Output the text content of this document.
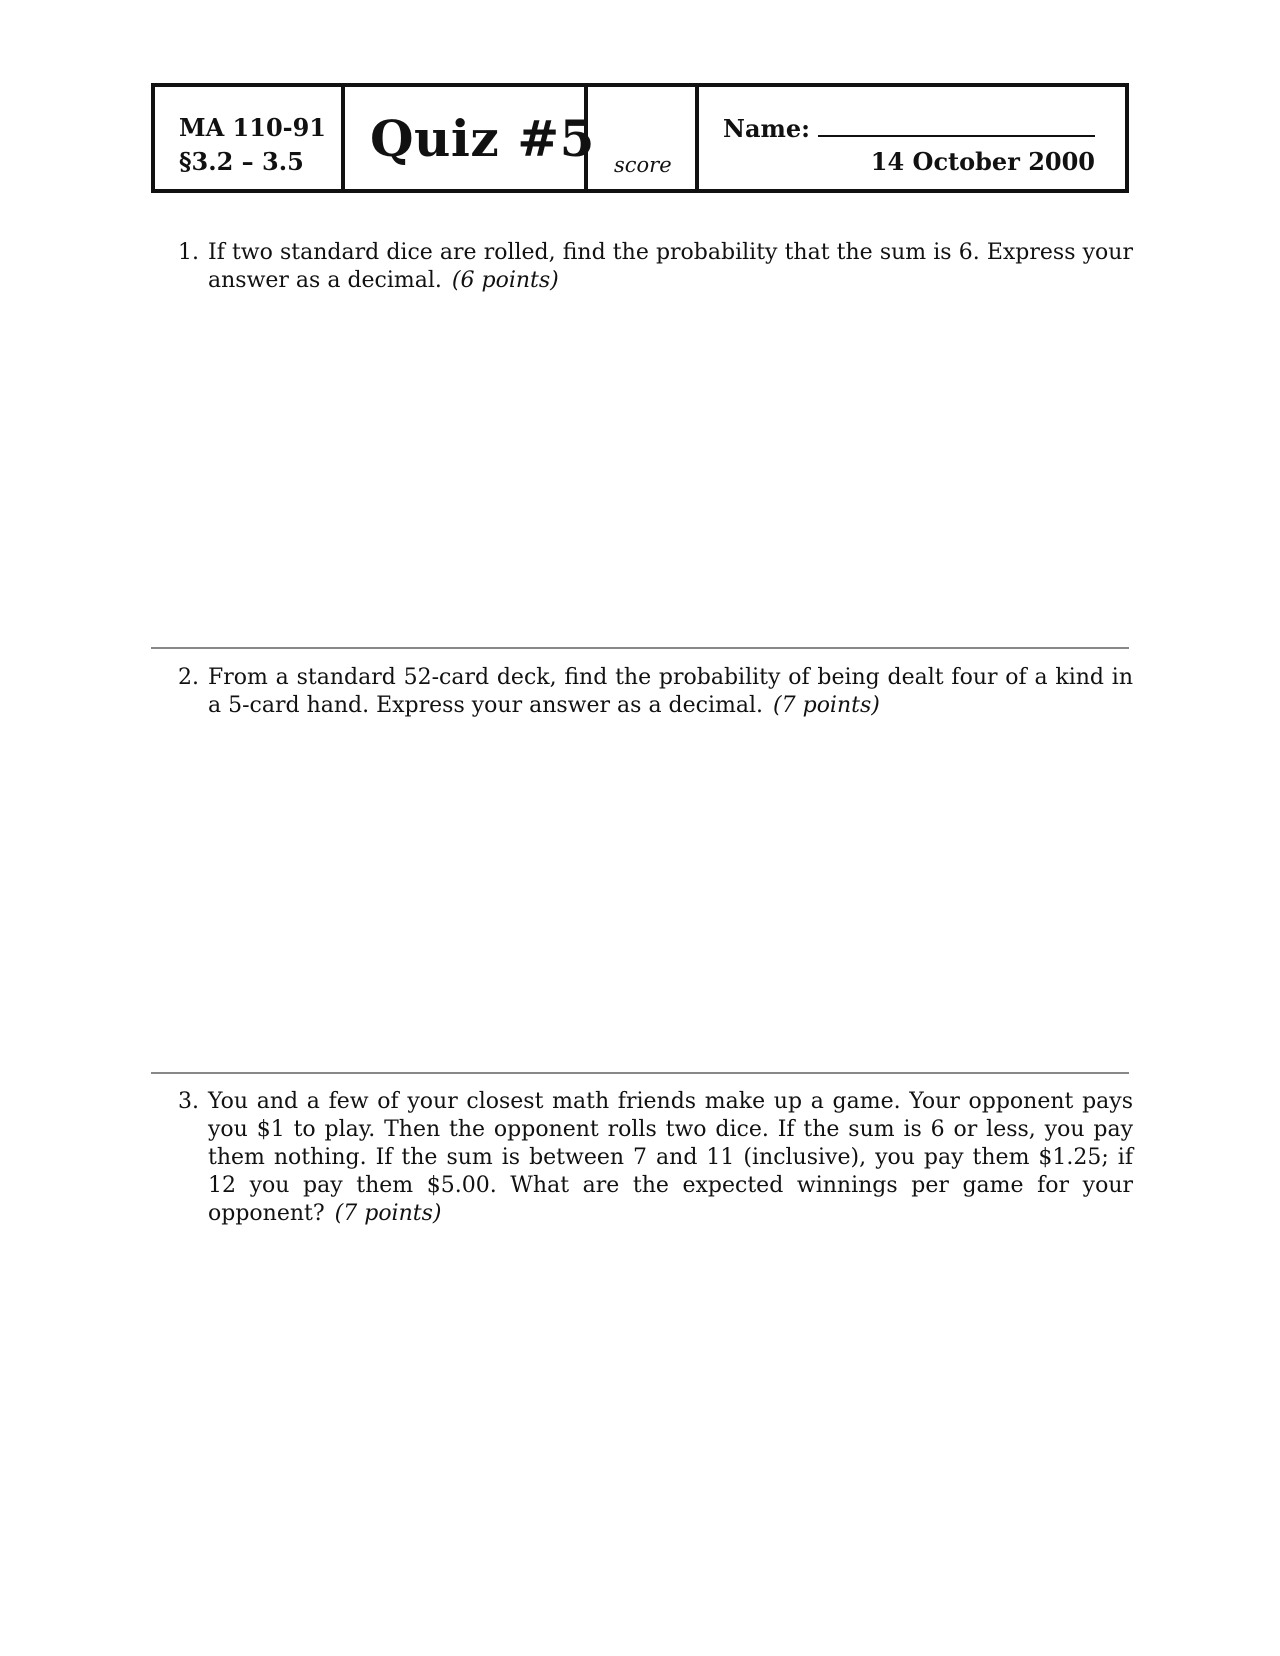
MA 110-91
§3.2 – 3.5 Quiz #5 score
Name:
14 October 2000
1. If two standard dice are rolled, find the probability that the sum is 6. Express your answer as a decimal. (6 points)
2. From a standard 52-card deck, find the probability of being dealt four of a kind in a 5-card hand. Express your answer as a decimal. (7 points)
3. You and a few of your closest math friends make up a game. Your opponent pays you $1 to play. Then the opponent rolls two dice. If the sum is 6 or less, you pay them nothing. If the sum is between 7 and 11 (inclusive), you pay them $1.25; if 12 you pay them $5.00. What are the expected winnings per game for your opponent? (7 points)
